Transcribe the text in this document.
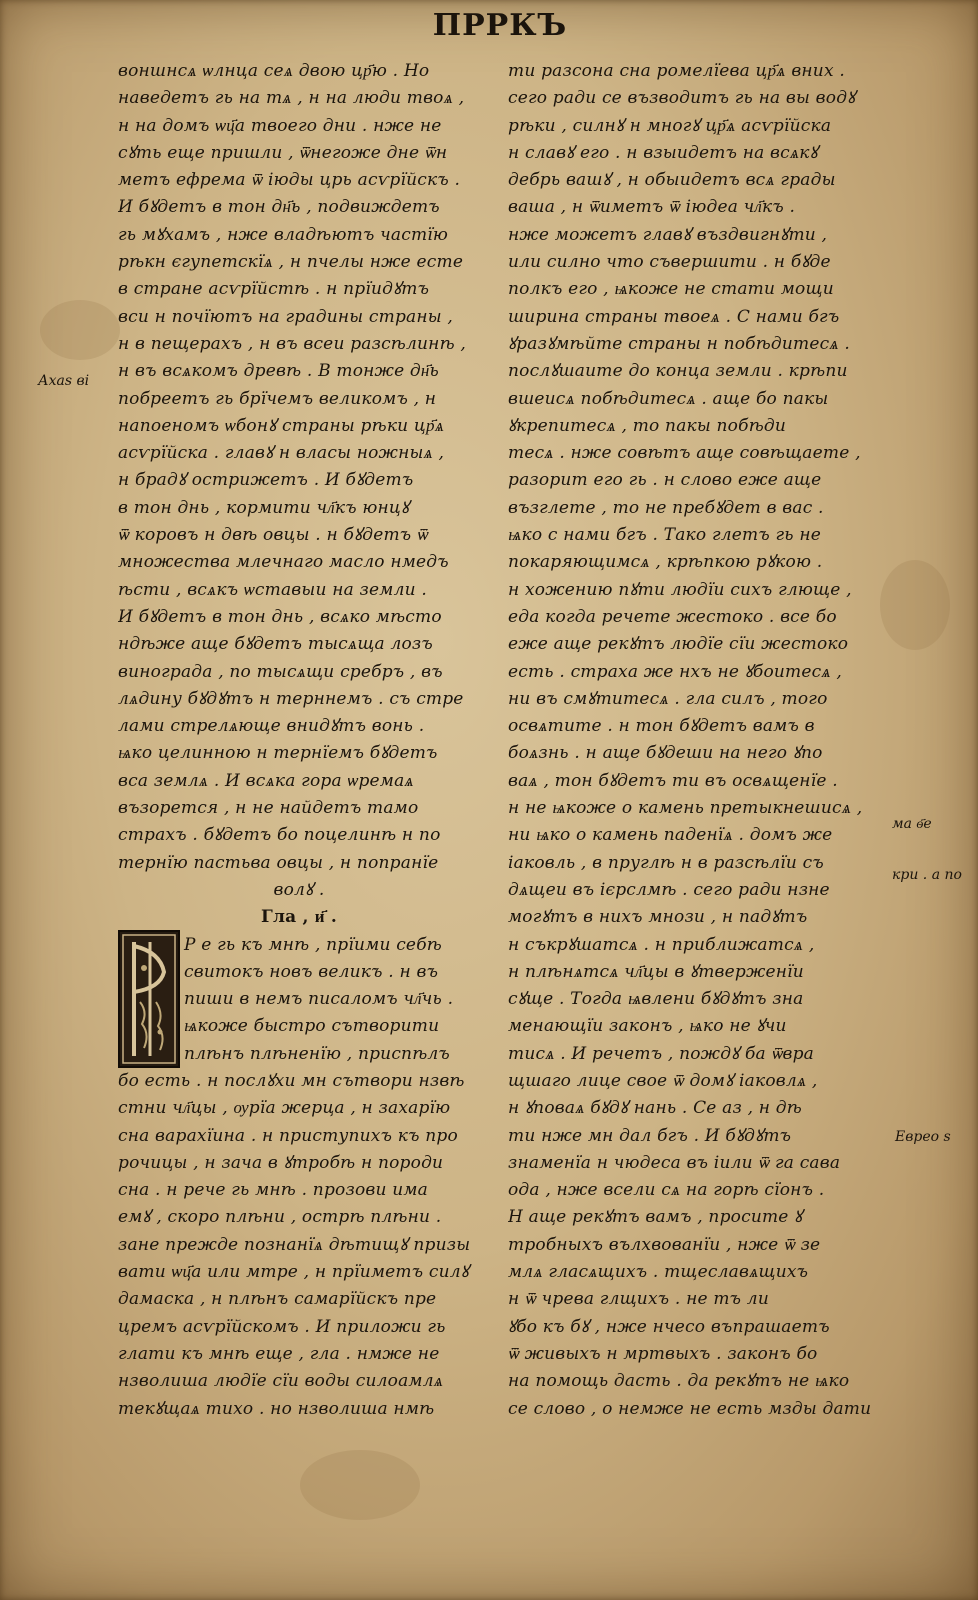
ПРРКЪ
воншнсѧ ѡлнца сеѧ двою цр҃ю . Но
наведетъ гь на тѧ , н на люди твоѧ ,
н на домъ ѡц҃а твоего дни . нже не
сꙋть еще пришли , ѿнегоже дне ѿн
метъ ефрема ѿ іюды црь асѵрїйскъ .
И бꙋдетъ в тон дн҃ь , подвиждетъ
гь мꙋхамъ , нже владѣютъ частїю
рѣкн єгупетскїѧ , н пчелы нже есте
в стране асѵрїйстѣ . н прїидꙋтъ
вси н почїютъ на градины страны ,
н в пещерахъ , н въ всеи разсѣлинѣ ,
н въ всѧкомъ древѣ . В тонже дн҃ь
побреетъ гь брїчемъ великомъ , н
напоеномъ ѡбонꙋ страны рѣки цр҃ѧ
асѵрїйска . главꙋ н власы ножныѧ ,
н брадꙋ острижетъ . И бꙋдетъ
в тон днь , кормити чл҃къ юнцꙋ
ѿ коровъ н двѣ овцы . н бꙋдетъ ѿ
множества млечнаго масло нмедъ
ѣсти , всѧкъ ѡставыи на земли .
И бꙋдетъ в тон днь , всѧко мѣсто
ндѣже аще бꙋдетъ тысѧща лозъ
винограда , по тысѧщи сребръ , въ
лѧдину бꙋдꙋтъ н терннемъ . съ стре
лами стрелѧюще внидꙋтъ вонь .
ѩко целинною н тернїемъ бꙋдетъ
вса землѧ . И всѧка гора ѡремаѧ
възорется , н не найдетъ тамо
страхъ . бꙋдетъ бо поцелинѣ н по
тернїю пастьва овцы , н попранїе
волꙋ .
Гла , и҃ .
Р е гь къ мнѣ , прїими себѣ
свитокъ новъ великъ . н въ
пиши в немъ писаломъ чл҃чь .
ѩкоже быстро сътворити
плѣнъ плѣненїю , приспѣлъ
бо есть . н послꙋхи мн сътвори нзвѣ
стни чл҃цы , ѹрїа жерца , н захарїю
сна варахїина . н приступихъ къ про
рочицы , н зача в ꙋтробѣ н породи
сна . н рече гь мнѣ . прозови има
емꙋ , скоро плѣни , острѣ плѣни .
зане прежде познанїѧ дѣтищꙋ призы
вати ѡц҃а или мтре , н прїиметъ силꙋ
дамаска , н плѣнъ самарїйскъ пре
цремъ асѵрїйскомъ . И приложи гь
глати къ мнѣ еще , гла . нмже не
нзволиша людїе сїи воды силоамлѧ
текꙋщаѧ тихо . но нзволиша нмѣ
ти разсона сна ромелїева цр҃ѧ вних .
сего ради се възводитъ гь на вы водꙋ
рѣки , силнꙋ н многꙋ цр҃ѧ асѵрїйска
н славꙋ его . н взыидетъ на всѧкꙋ
дебрь вашꙋ , н обыидетъ всѧ грады
ваша , н ѿиметъ ѿ іюдеа чл҃къ .
нже можетъ главꙋ въздвигнꙋти ,
или силно что съвершити . н бꙋде
полкъ его , ѩкоже не стати мощи
ширина страны твоеѧ . С нами бгъ
ꙋразꙋмѣйте страны н побѣдитесѧ .
послꙋшаите до конца земли . крѣпи
вшеисѧ побѣдитесѧ . аще бо пакы
ꙋкрепитесѧ , то пакы побѣди
тесѧ . нже совѣтъ аще совѣщаете ,
разорит его гь . н слово еже аще
възглете , то не пребꙋдет в вас .
ѩко с нами бгъ . Тако глетъ гь не
покаряющимсѧ , крѣпкою рꙋкою .
н хожению пꙋти людїи сихъ глюще ,
еда когда речете жестоко . все бо
еже аще рекꙋтъ людїе сїи жестоко
есть . страха же нхъ не ꙋбоитесѧ ,
ни въ смꙋтитесѧ . гла силъ , того
освѧтите . н тон бꙋдетъ вамъ в
боѧзнь . н аще бꙋдеши на него ꙋпо
ваѧ , тон бꙋдетъ ти въ освѧщенїе .
н не ѩкоже о камень претыкнешисѧ ,
ни ѩко о камень паденїѧ . домъ же
іаковль , в пруглѣ н в разсѣлїи съ
дѧщеи въ ієрслмѣ . сего ради нзне
могꙋтъ в нихъ мнози , н падꙋтъ
н съкрꙋшатсѧ . н приближатсѧ ,
н плѣнѧтсѧ чл҃цы в ꙋтверженїи
сꙋще . Тогда ѩвлени бꙋдꙋтъ зна
менающїи законъ , ѩко не ꙋчи
тисѧ . И речетъ , пождꙋ ба ѿвра
щшаго лице свое ѿ домꙋ іаковлѧ ,
н ꙋповаѧ бꙋдꙋ нань . Се аз , н дѣ
ти нже мн дал бгъ . И бꙋдꙋтъ
знаменїа н чюдеса въ іили ѿ га сава
ода , нже всели сѧ на горѣ сїонъ .
Н аще рекꙋтъ вамъ , просите ꙋ
тробныхъ вълхвованїи , нже ѿ зе
млѧ гласѧщихъ . тщеславѧщихъ
н ѿ чрева глщихъ . не тъ ли
ꙋбо къ бꙋ , нже нчесо въпрашаетъ
ѿ живыхъ н мртвыхъ . законъ бо
на помощь дасть . да рекꙋтъ не ѩко
се слово , о немже не есть мзды дати
Ахаѕ ві
ма ѳ҃е
кри . а по
Еврео ѕ
